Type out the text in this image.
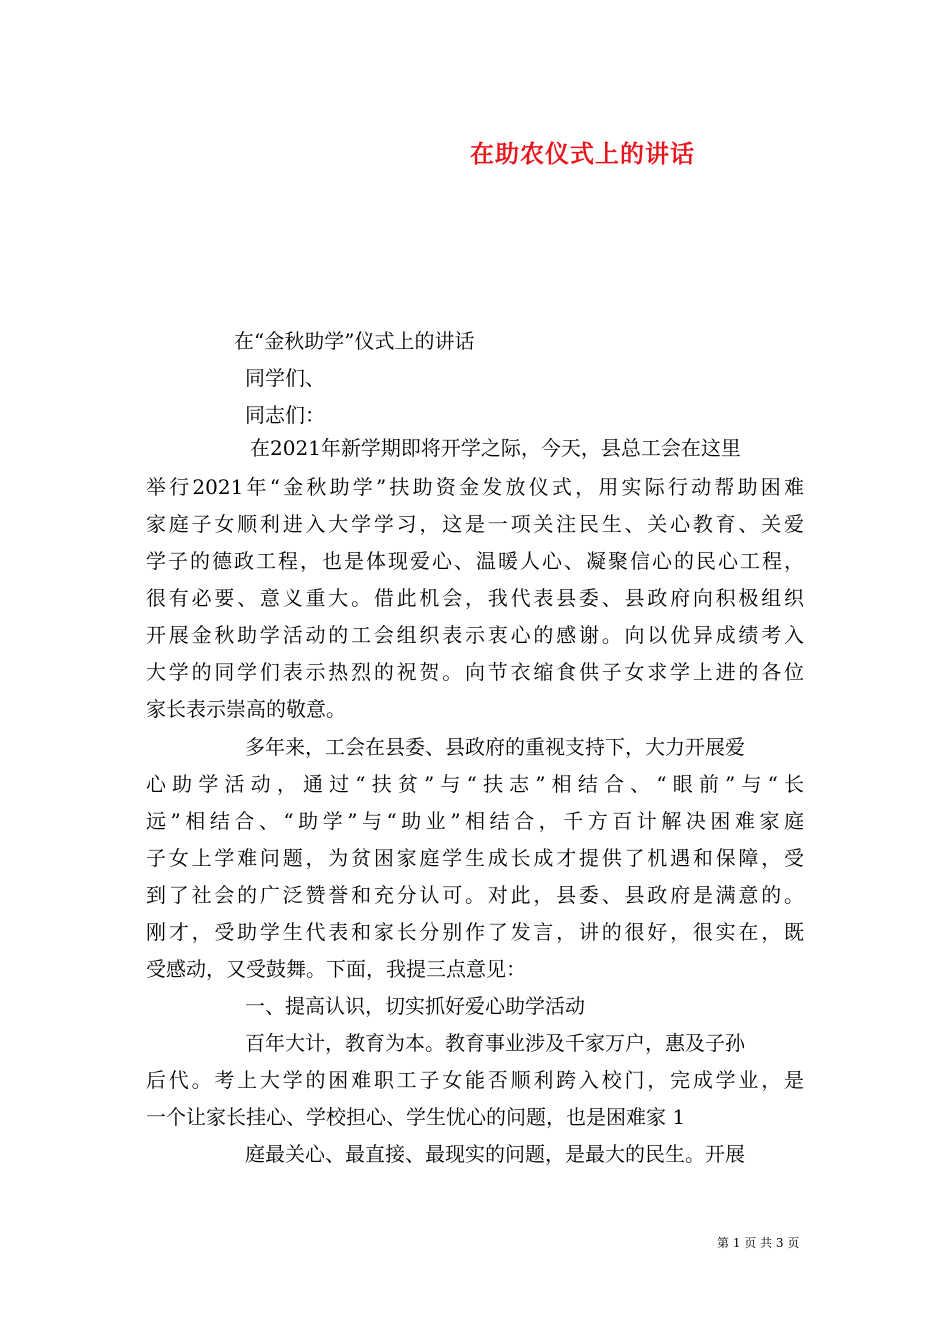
在助农仪式上的讲话

在“金秋助学”仪式上的讲话

同学们、

同志们：

在2021年新学期即将开学之际，今天，县总工会在这里

举行2021年“金秋助学”扶助资金发放仪式，用实际行动帮助困难

家庭子女顺利进入大学学习，这是一项关注民生、关心教育、关爱

学子的德政工程，也是体现爱心、温暖人心、凝聚信心的民心工程，

很有必要、意义重大。借此机会，我代表县委、县政府向积极组织

开展金秋助学活动的工会组织表示衷心的感谢。向以优异成绩考入

大学的同学们表示热烈的祝贺。向节衣缩食供子女求学上进的各位

家长表示崇高的敬意。

多年来，工会在县委、县政府的重视支持下，大力开展爱

心助学活动，通过“扶贫”与“扶志”相结合、“眼前”与“长

远”相结合、“助学”与“助业”相结合，千方百计解决困难家庭

子女上学难问题，为贫困家庭学生成长成才提供了机遇和保障，受

到了社会的广泛赞誉和充分认可。对此，县委、县政府是满意的。

刚才，受助学生代表和家长分别作了发言，讲的很好，很实在，既

受感动，又受鼓舞。下面，我提三点意见：

一、提高认识，切实抓好爱心助学活动

百年大计，教育为本。教育事业涉及千家万户，惠及子孙

后代。考上大学的困难职工子女能否顺利跨入校门，完成学业，是

一个让家长挂心、学校担心、学生忧心的问题，也是困难家 1

庭最关心、最直接、最现实的问题，是最大的民生。开展

第 1 页 共 3 页
